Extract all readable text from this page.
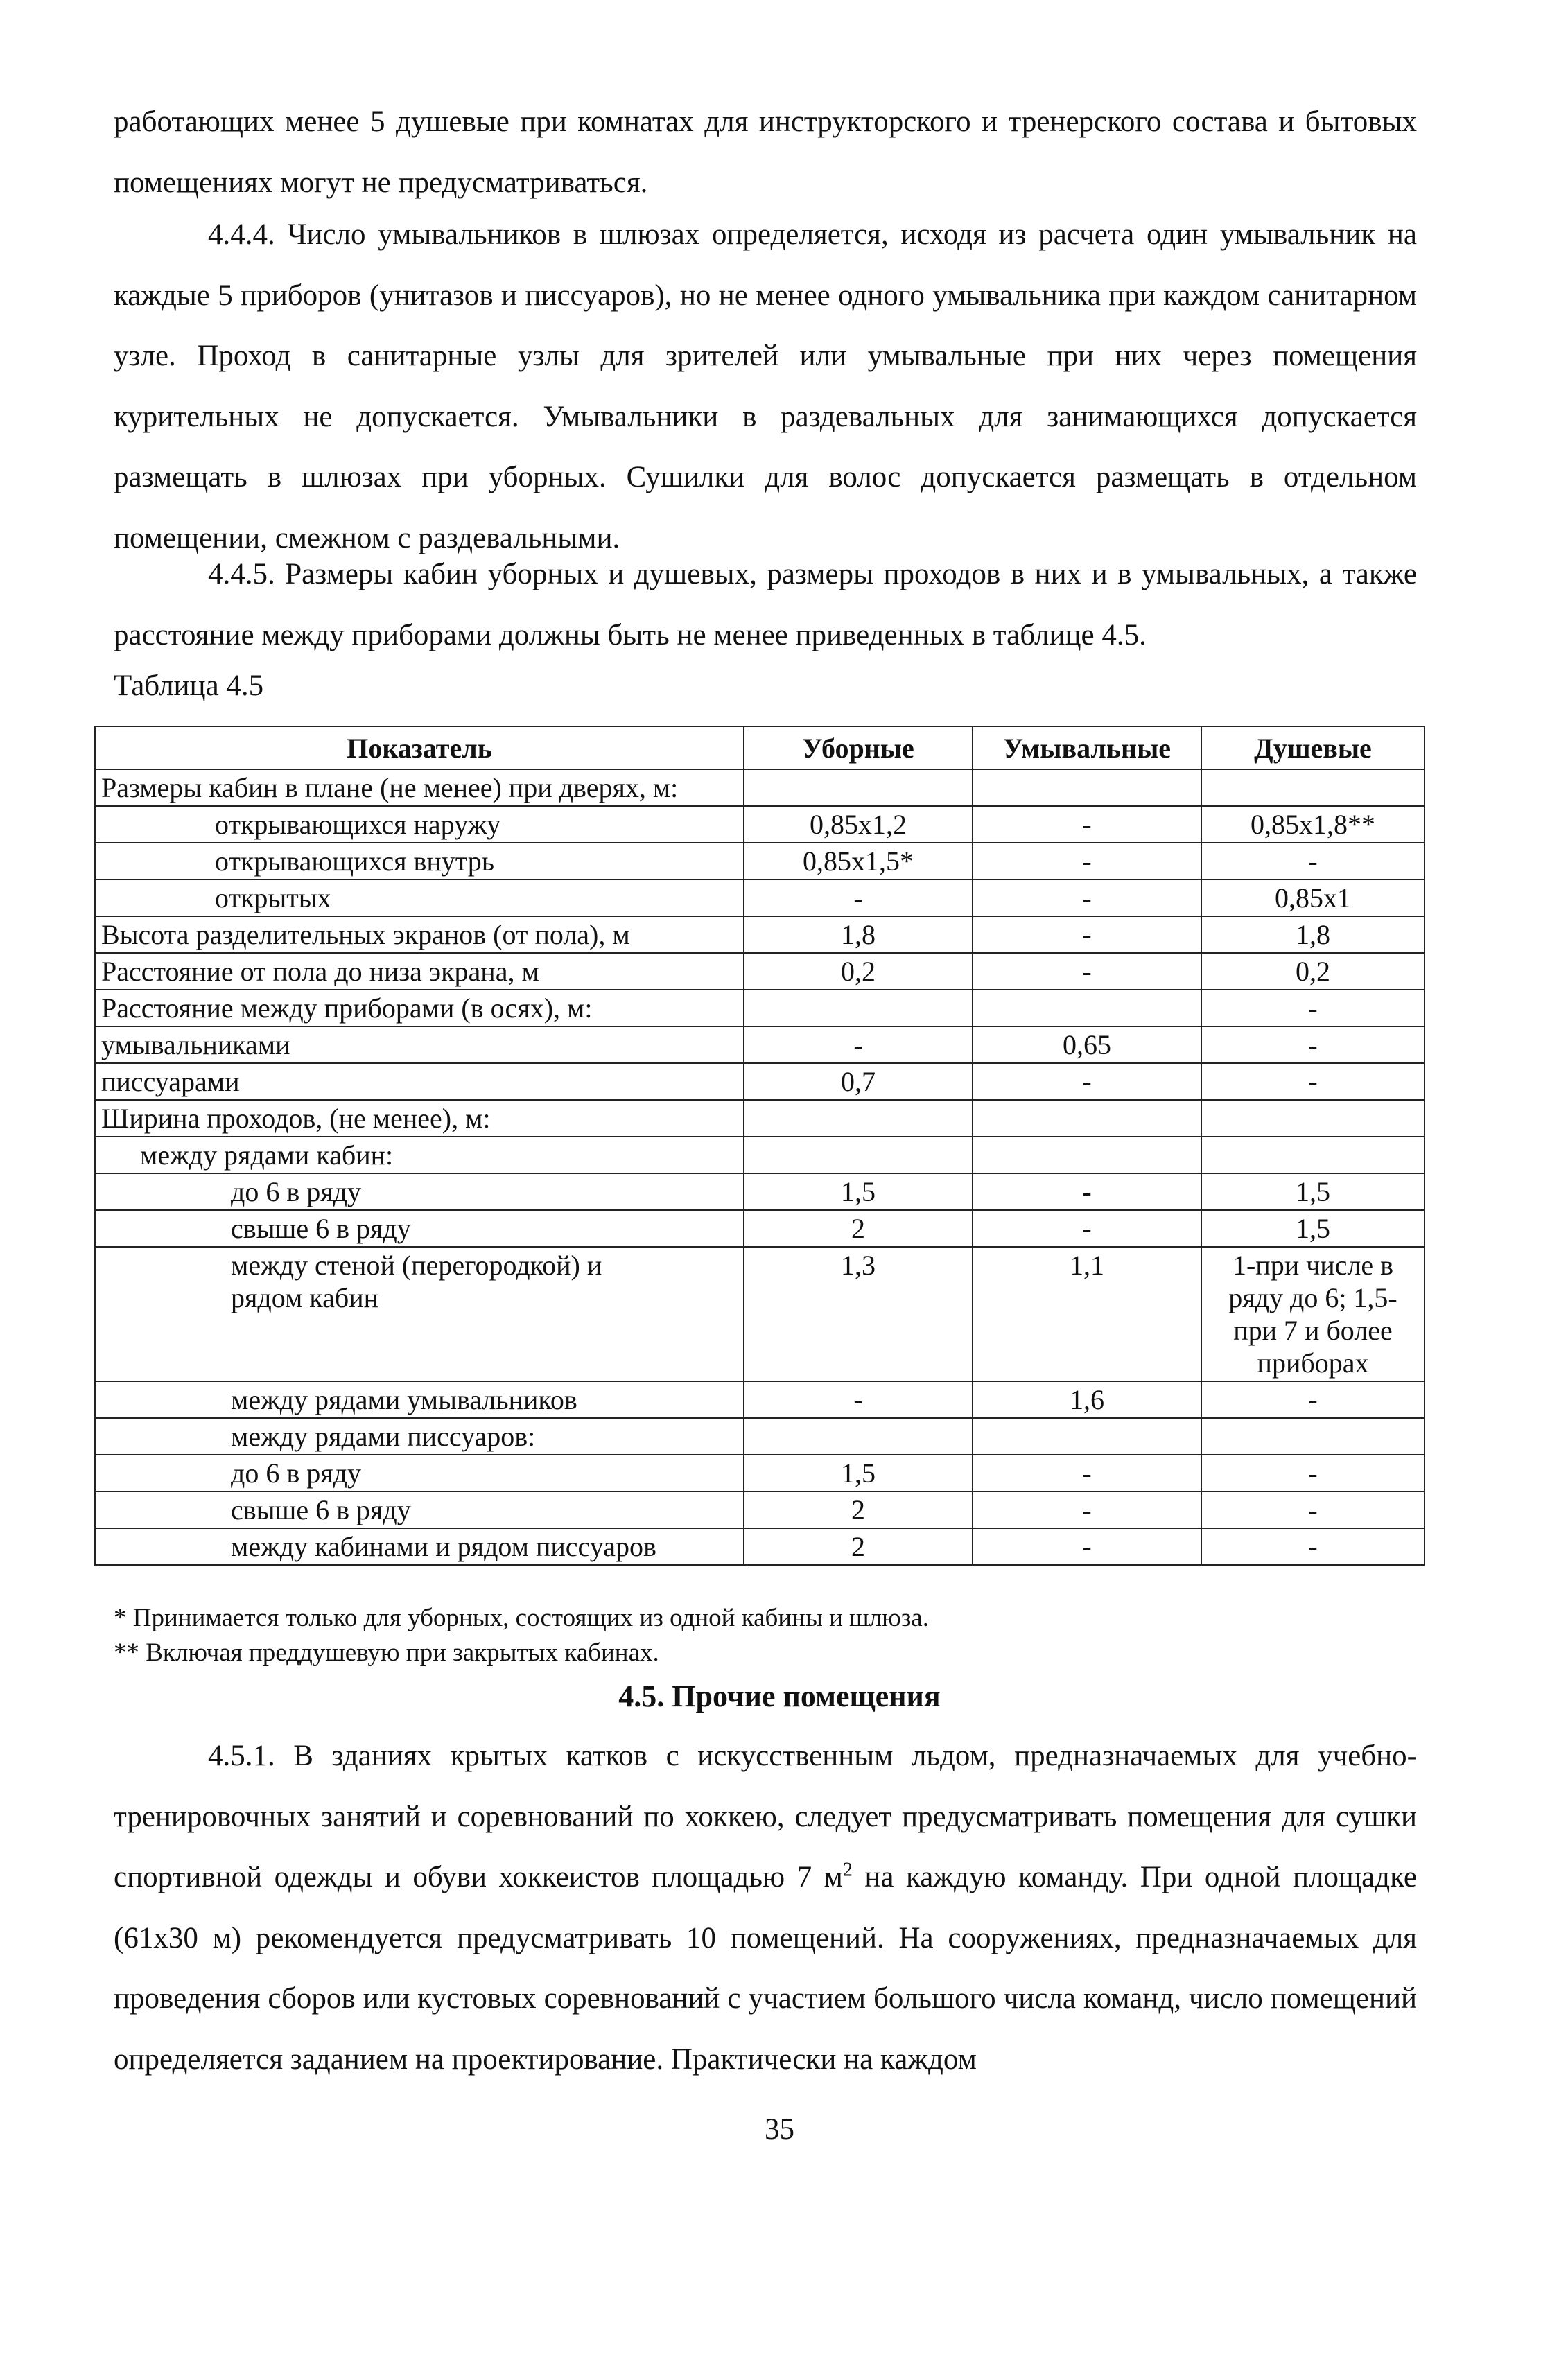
работающих менее 5 душевые при комнатах для инструкторского и тренерского состава и бытовых помещениях могут не предусматриваться.

4.4.4. Число умывальников в шлюзах определяется, исходя из расчета один умывальник на каждые 5 приборов (унитазов и писсуаров), но не менее одного умывальника при каждом санитарном узле. Проход в санитарные узлы для зрителей или умывальные при них через помещения курительных не допускается. Умывальники в раздевальных для занимающихся допускается размещать в шлюзах при уборных. Сушилки для волос допускается размещать в отдельном помещении, смежном с раздевальными.

4.4.5. Размеры кабин уборных и душевых, размеры проходов в них и в умывальных, а также расстояние между приборами должны быть не менее приведенных в таблице 4.5.

Таблица 4.5

Показатель	Уборные	Умывальные	Душевые
Размеры кабин в плане (не менее) при дверях, м:			
открывающихся наружу	0,85х1,2	-	0,85х1,8**
открывающихся внутрь	0,85х1,5*	-	-
открытых	-	-	0,85х1
Высота разделительных экранов (от пола), м	1,8	-	1,8
Расстояние от пола до низа экрана, м	0,2	-	0,2
Расстояние между приборами (в осях), м:			-
умывальниками	-	0,65	-
писсуарами	0,7	-	-
Ширина проходов, (не менее), м:			
между рядами кабин:			
до 6 в ряду	1,5	-	1,5
свыше 6 в ряду	2	-	1,5
между стеной (перегородкой) и рядом кабин	1,3	1,1	1-при числе в ряду до 6; 1,5-при 7 и более приборах
между рядами умывальников	-	1,6	-
между рядами писсуаров:			
до 6 в ряду	1,5	-	-
свыше 6 в ряду	2	-	-
между кабинами и рядом писсуаров	2	-	-
* Принимается только для уборных, состоящих из одной кабины и шлюза.
** Включая преддушевую при закрытых кабинах.

4.5. Прочие помещения

4.5.1. В зданиях крытых катков с искусственным льдом, предназначаемых для учебно-тренировочных занятий и соревнований по хоккею, следует предусматривать помещения для сушки спортивной одежды и обуви хоккеистов площадью 7 $м^2$ на каждую команду. При одной площадке (61х30 м) рекомендуется предусматривать 10 помещений. На сооружениях, предназначаемых для проведения сборов или кустовых соревнований с участием большого числа команд, число помещений определяется заданием на проектирование. Практически на каждом

35
